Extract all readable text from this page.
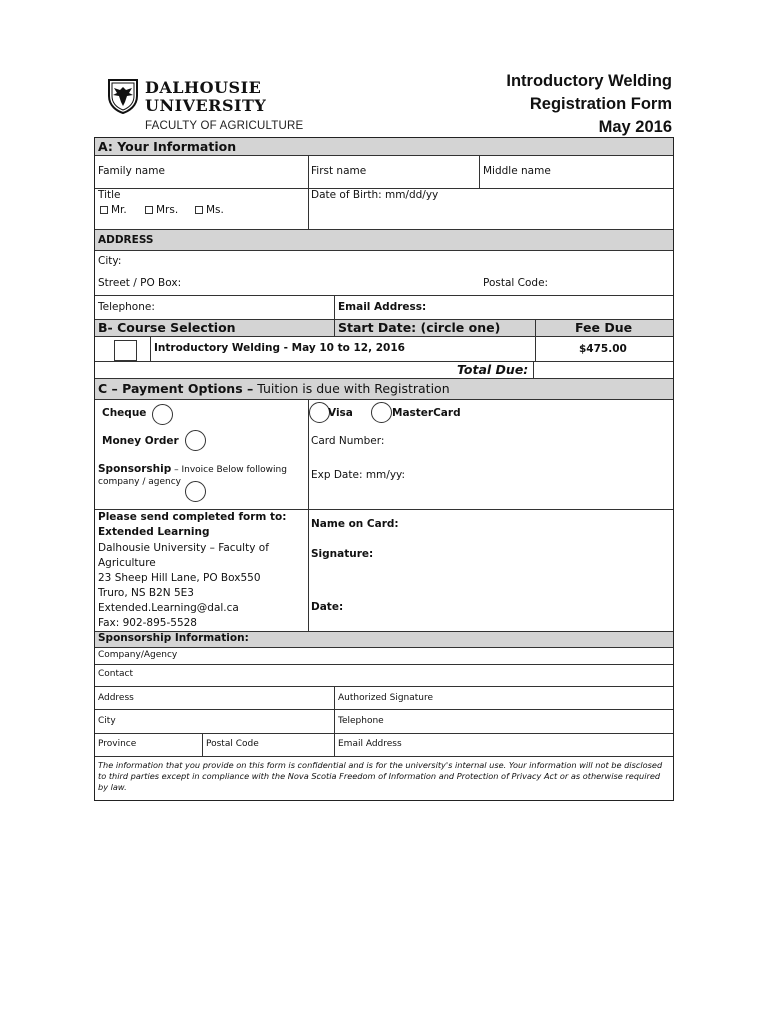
DALHOUSIE
UNIVERSITY
FACULTY OF AGRICULTURE
Introductory Welding
Registration Form
May 2016
A: Your Information
Family name	First name	Middle name
Title
Mr.	Mrs.	Ms.
Date of Birth: mm/dd/yy
ADDRESS
City:
Street / PO Box:	Postal Code:
Telephone:	Email Address:
B- Course Selection	Start Date: (circle one)	Fee Due
Introductory Welding - May 10 to 12, 2016	$475.00
Total Due:
C – Payment Options – Tuition is due with Registration
Cheque	Visa	MasterCard
Money Order	Card Number:
Sponsorship – Invoice Below following
company / agency
Exp Date: mm/yy:
Please send completed form to:
Extended Learning
Dalhousie University – Faculty of
Agriculture
23 Sheep Hill Lane, PO Box550
Truro, NS B2N 5E3
Extended.Learning@dal.ca
Fax: 902-895-5528
Name on Card:
Signature:
Date:
Sponsorship Information:
Company/Agency
Contact
Address	Authorized Signature
City	Telephone
Province	Postal Code	Email Address
The information that you provide on this form is confidential and is for the university's internal use. Your information will not be disclosed to third parties except in compliance with the Nova Scotia Freedom of Information and Protection of Privacy Act or as otherwise required by law.
